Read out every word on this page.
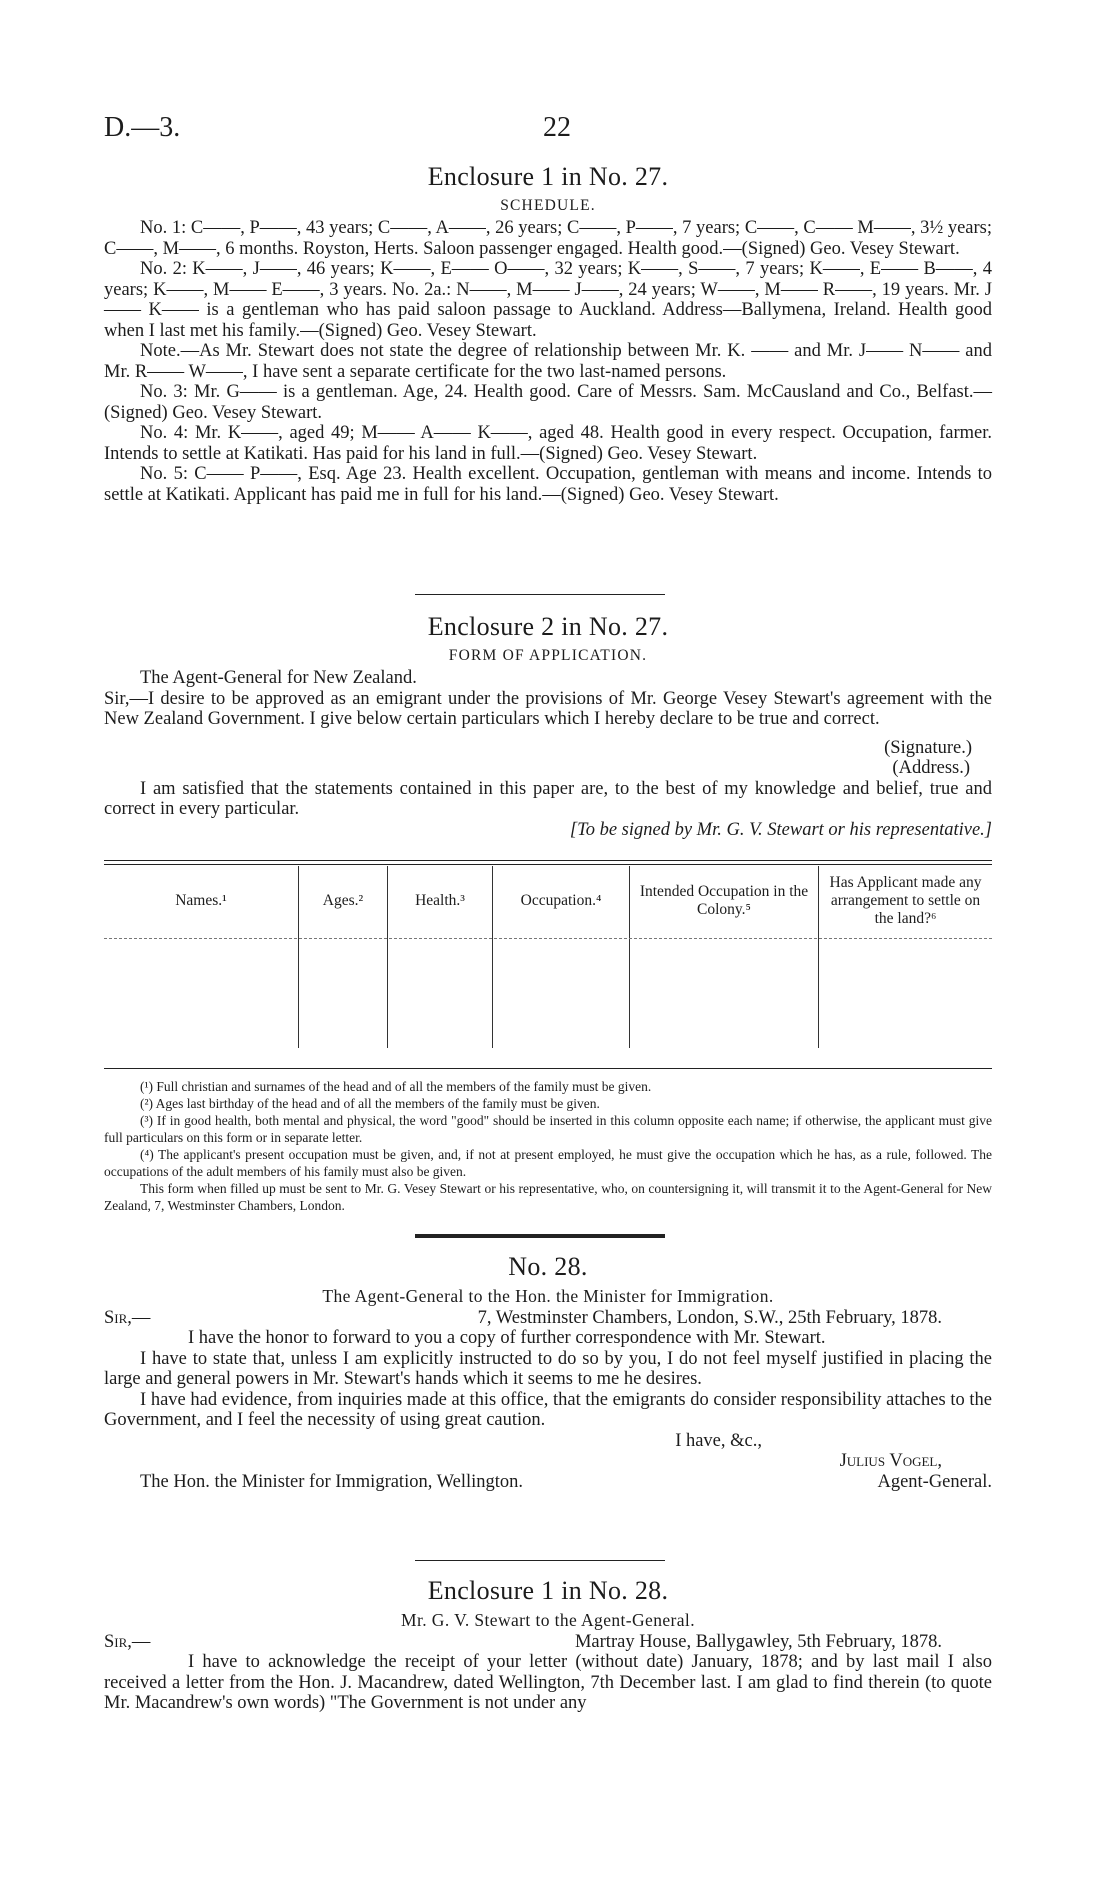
D.—3.	22
Enclosure 1 in No. 27.
SCHEDULE.

No. 1: C——, P——, 43 years; C——, A——, 26 years; C——, P——, 7 years; C——, C—— M——, 3½ years; C——, M——, 6 months. Royston, Herts. Saloon passenger engaged. Health good.—(Signed) Geo. Vesey Stewart.

No. 2: K——, J——, 46 years; K——, E—— O——, 32 years; K——, S——, 7 years; K——, E—— B——, 4 years; K——, M—— E——, 3 years. No. 2a.: N——, M—— J——, 24 years; W——, M—— R——, 19 years. Mr. J—— K—— is a gentleman who has paid saloon passage to Auckland. Address—Ballymena, Ireland. Health good when I last met his family.—(Signed) Geo. Vesey Stewart.

Note.—As Mr. Stewart does not state the degree of relationship between Mr. K. —— and Mr. J—— N—— and Mr. R—— W——, I have sent a separate certificate for the two last-named persons.

No. 3: Mr. G—— is a gentleman. Age, 24. Health good. Care of Messrs. Sam. McCausland and Co., Belfast.—(Signed) Geo. Vesey Stewart.

No. 4: Mr. K——, aged 49; M—— A—— K——, aged 48. Health good in every respect. Occupation, farmer. Intends to settle at Katikati. Has paid for his land in full.—(Signed) Geo. Vesey Stewart.

No. 5: C—— P——, Esq. Age 23. Health excellent. Occupation, gentleman with means and income. Intends to settle at Katikati. Applicant has paid me in full for his land.—(Signed) Geo. Vesey Stewart.

Enclosure 2 in No. 27.
FORM OF APPLICATION.

The Agent-General for New Zealand.

Sir,—I desire to be approved as an emigrant under the provisions of Mr. George Vesey Stewart's agreement with the New Zealand Government. I give below certain particulars which I hereby declare to be true and correct.

(Signature.)

(Address.)

I am satisfied that the statements contained in this paper are, to the best of my knowledge and belief, true and correct in every particular.

[To be signed by Mr. G. V. Stewart or his representative.]

Names.¹	Ages.²	Health.³	Occupation.⁴	Intended Occupation in the Colony.⁵	Has Applicant made any arrangement to settle on the land?⁶

(¹) Full christian and surnames of the head and of all the members of the family must be given.

(²) Ages last birthday of the head and of all the members of the family must be given.

(³) If in good health, both mental and physical, the word "good" should be inserted in this column opposite each name; if otherwise, the applicant must give full particulars on this form or in separate letter.

(⁴) The applicant's present occupation must be given, and, if not at present employed, he must give the occupation which he has, as a rule, followed. The occupations of the adult members of his family must also be given.

This form when filled up must be sent to Mr. G. Vesey Stewart or his representative, who, on countersigning it, will transmit it to the Agent-General for New Zealand, 7, Westminster Chambers, London.

No. 28.
The Agent-General to the Hon. the Minister for Immigration.
Sir,—	7, Westminster Chambers, London, S.W., 25th February, 1878.

I have the honor to forward to you a copy of further correspondence with Mr. Stewart.

I have to state that, unless I am explicitly instructed to do so by you, I do not feel myself justified in placing the large and general powers in Mr. Stewart's hands which it seems to me he desires.

I have had evidence, from inquiries made at this office, that the emigrants do consider responsibility attaches to the Government, and I feel the necessity of using great caution.

I have, &c.,

Julius Vogel,

The Hon. the Minister for Immigration, Wellington.	Agent-General.
Enclosure 1 in No. 28.
Mr. G. V. Stewart to the Agent-General.
Sir,—	Martray House, Ballygawley, 5th February, 1878.

I have to acknowledge the receipt of your letter (without date) January, 1878; and by last mail I also received a letter from the Hon. J. Macandrew, dated Wellington, 7th December last. I am glad to find therein (to quote Mr. Macandrew's own words) "The Government is not under any
